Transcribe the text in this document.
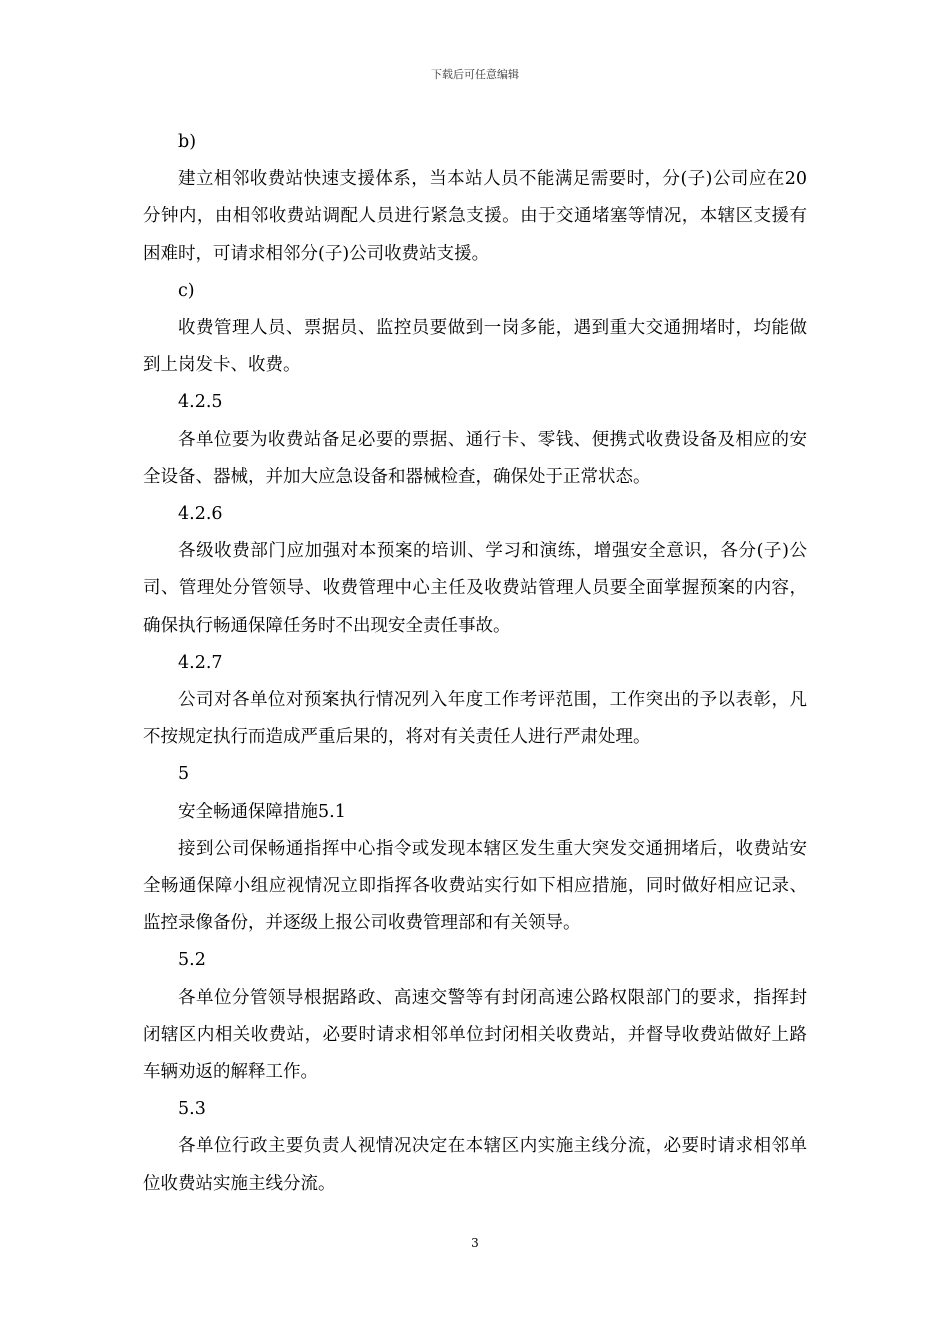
下载后可任意编辑

b)

建立相邻收费站快速支援体系，当本站人员不能满足需要时，分(子)公司应在20分钟内，由相邻收费站调配人员进行紧急支援。由于交通堵塞等情况，本辖区支援有困难时，可请求相邻分(子)公司收费站支援。

c)

收费管理人员、票据员、监控员要做到一岗多能，遇到重大交通拥堵时，均能做到上岗发卡、收费。

4.2.5

各单位要为收费站备足必要的票据、通行卡、零钱、便携式收费设备及相应的安全设备、器械，并加大应急设备和器械检查，确保处于正常状态。

4.2.6

各级收费部门应加强对本预案的培训、学习和演练，增强安全意识，各分(子)公司、管理处分管领导、收费管理中心主任及收费站管理人员要全面掌握预案的内容，确保执行畅通保障任务时不出现安全责任事故。

4.2.7

公司对各单位对预案执行情况列入年度工作考评范围，工作突出的予以表彰，凡不按规定执行而造成严重后果的，将对有关责任人进行严肃处理。

5

安全畅通保障措施5.1

接到公司保畅通指挥中心指令或发现本辖区发生重大突发交通拥堵后，收费站安全畅通保障小组应视情况立即指挥各收费站实行如下相应措施，同时做好相应记录、监控录像备份，并逐级上报公司收费管理部和有关领导。

5.2

各单位分管领导根据路政、高速交警等有封闭高速公路权限部门的要求，指挥封闭辖区内相关收费站，必要时请求相邻单位封闭相关收费站，并督导收费站做好上路车辆劝返的解释工作。

5.3

各单位行政主要负责人视情况决定在本辖区内实施主线分流，必要时请求相邻单位收费站实施主线分流。

3
